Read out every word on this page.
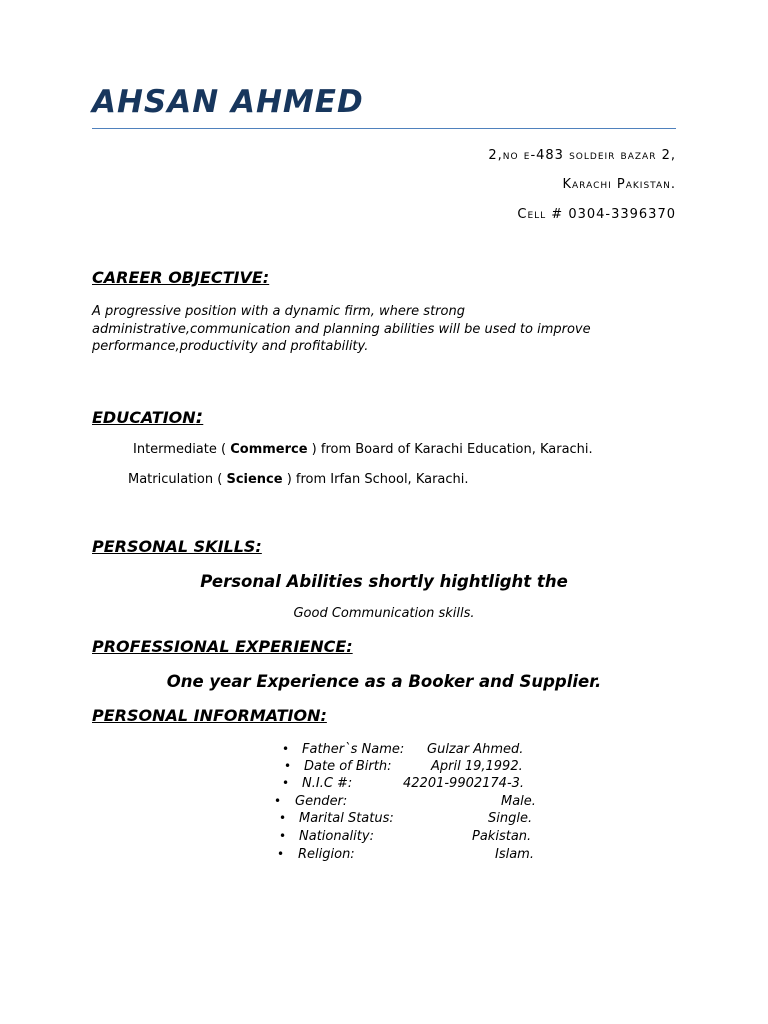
AHSAN AHMED
2,no e-483 soldeir bazar 2,
Karachi Pakistan.
Cell # 0304-3396370
CAREER OBJECTIVE:
A progressive position with a dynamic firm, where strong administrative,communication and planning abilities will be used to improve performance,productivity and profitability.
EDUCATION:
Intermediate ( Commerce ) from Board of Karachi Education, Karachi.
Matriculation ( Science ) from Irfan School, Karachi.
PERSONAL SKILLS:
Personal Abilities shortly hightlight the
Good Communication skills.
PROFESSIONAL EXPERIENCE:
One year Experience as a Booker and Supplier.
PERSONAL INFORMATION:
• Father`s Name: Gulzar Ahmed.
• Date of Birth:	April 19,1992.
• N.I.C #:	42201-9902174-3.
• Gender:	Male.
• Marital Status:	Single.
• Nationality:	Pakistan.
• Religion:	Islam.
